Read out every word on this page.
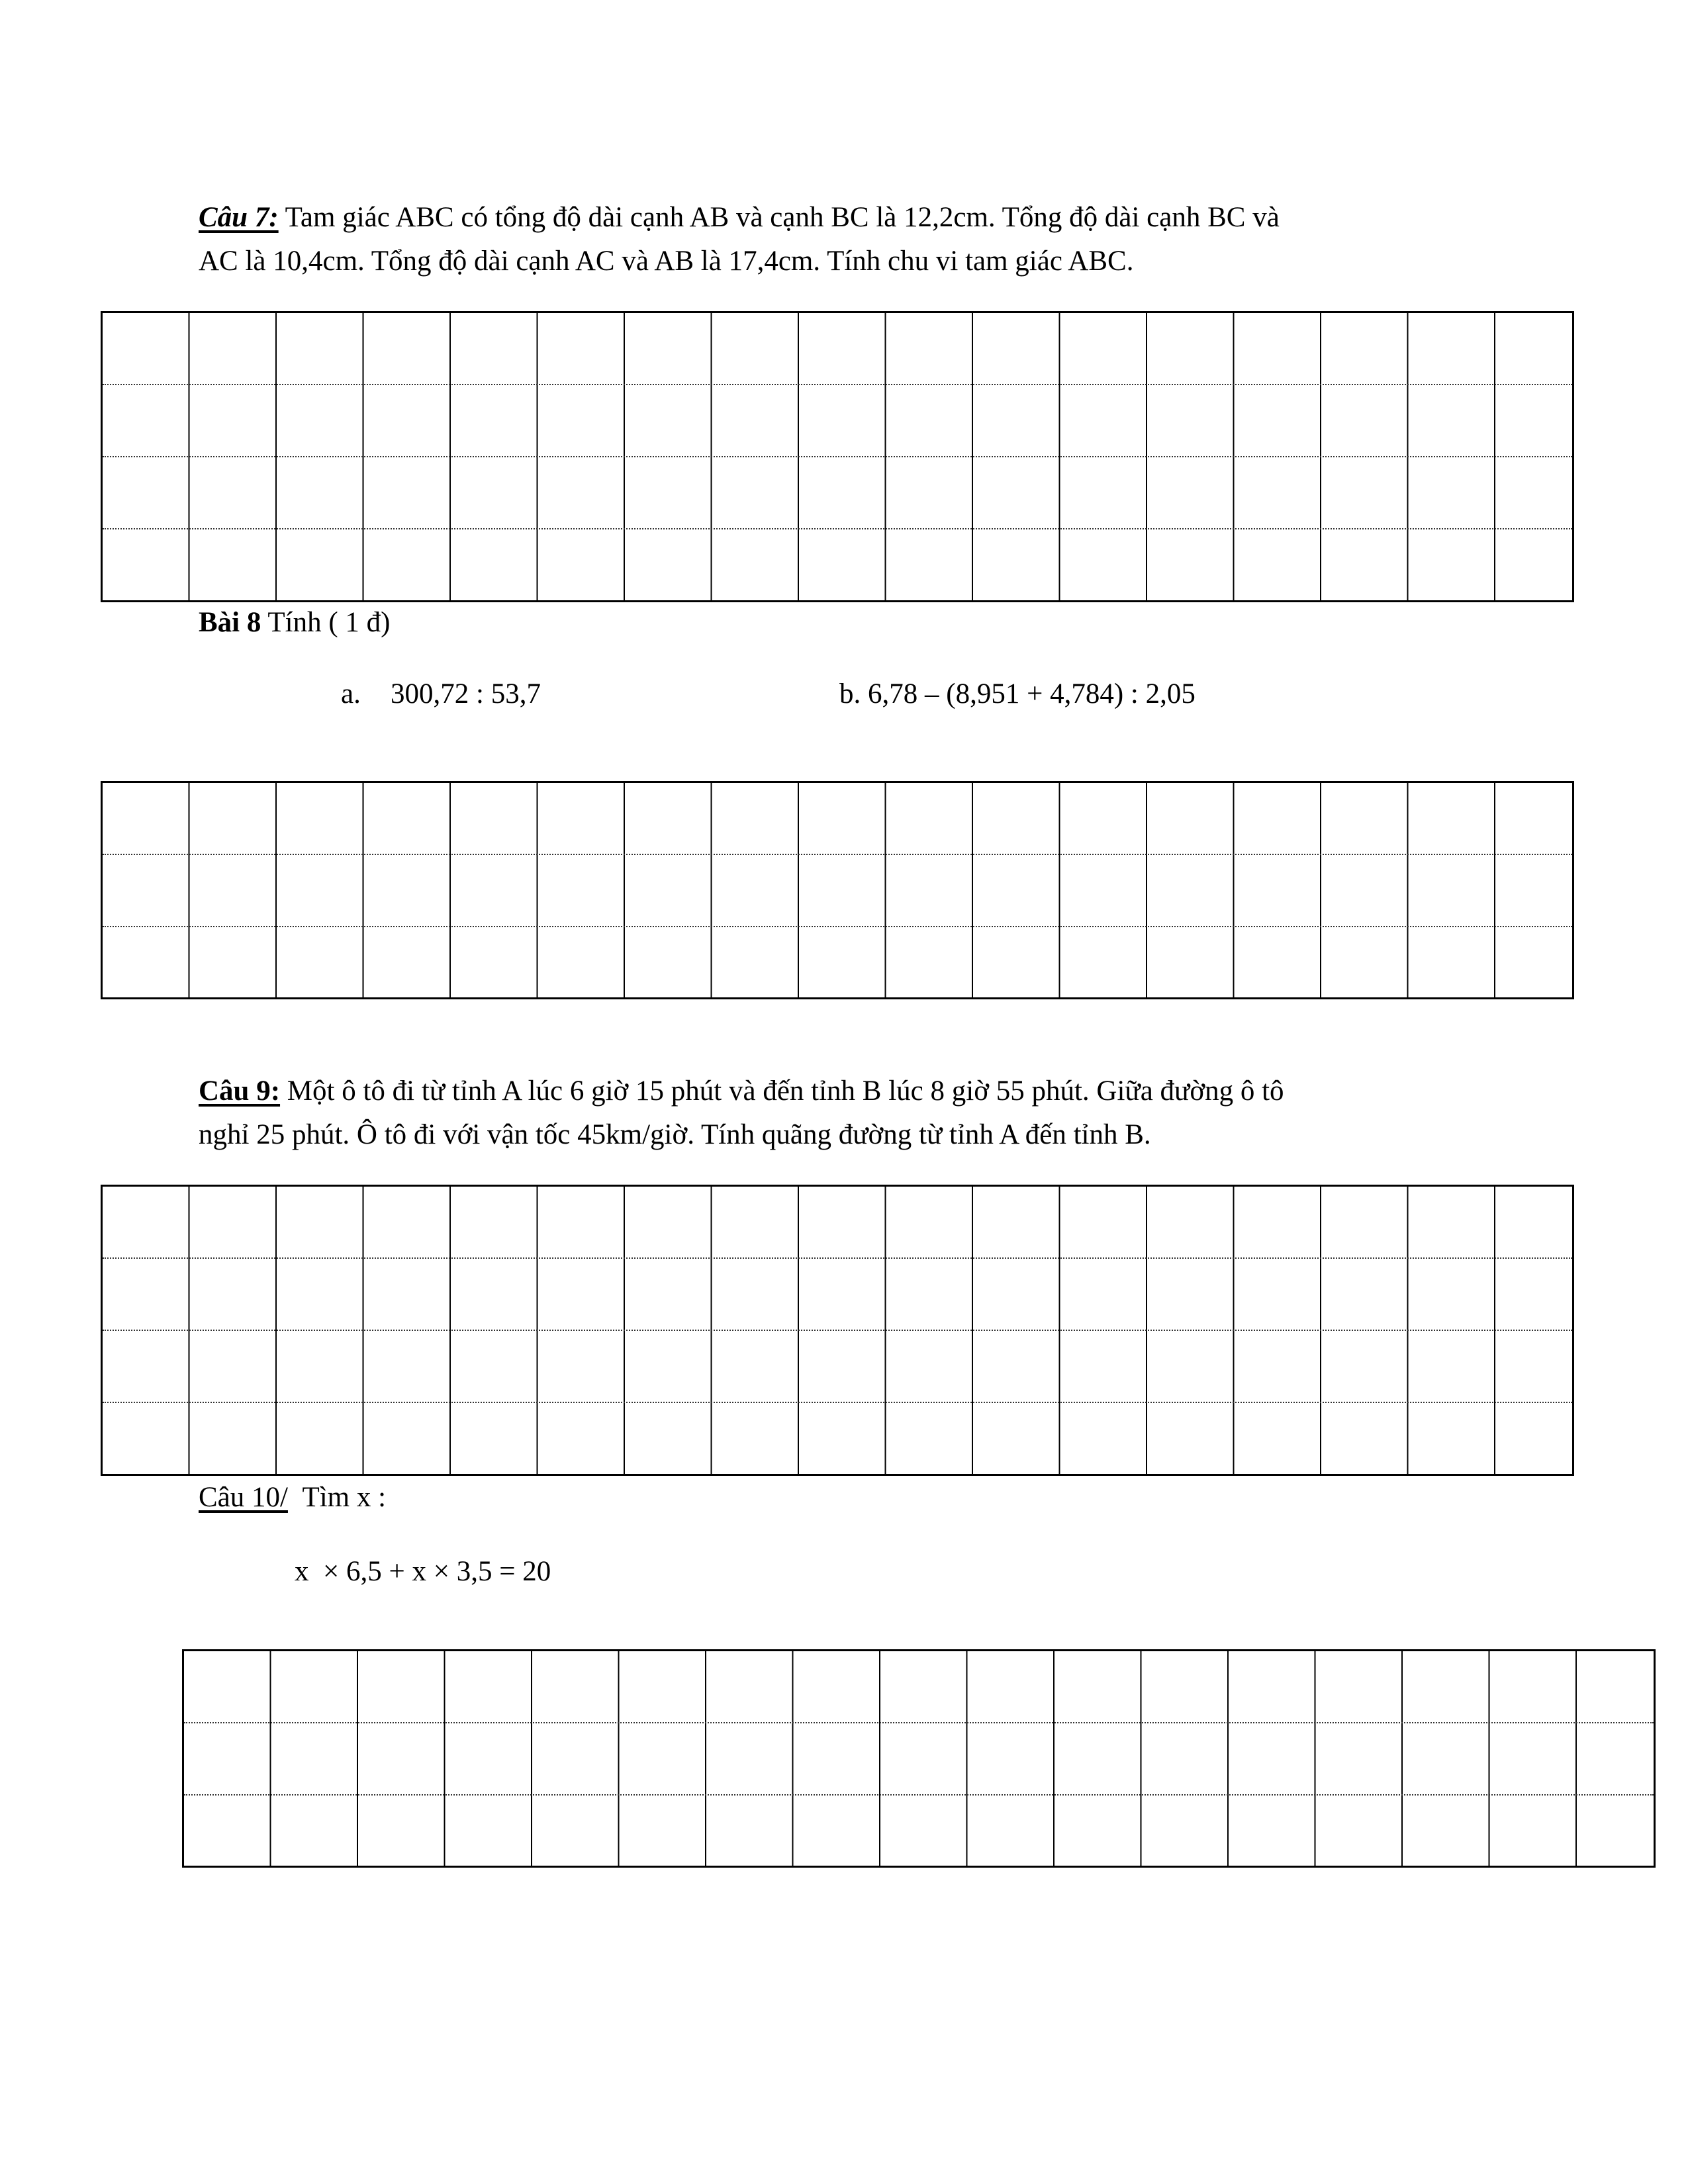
Câu 7: Tam giác ABC có tổng độ dài cạnh AB và cạnh BC là 12,2cm. Tổng độ dài cạnh BC và
AC là 10,4cm. Tổng độ dài cạnh AC và AB là 17,4cm. Tính chu vi tam giác ABC.
Bài 8 Tính ( 1 đ)
a. 300,72 : 53,7	b. 6,78 – (8,951 + 4,784) : 2,05
Câu 9: Một ô tô đi từ tỉnh A lúc 6 giờ 15 phút và đến tỉnh B lúc 8 giờ 55 phút. Giữa đường ô tô
nghỉ 25 phút. Ô tô đi với vận tốc 45km/giờ. Tính quãng đường từ tỉnh A đến tỉnh B.
Câu 10/ Tìm x :
x  × 6,5 + x × 3,5 = 20
